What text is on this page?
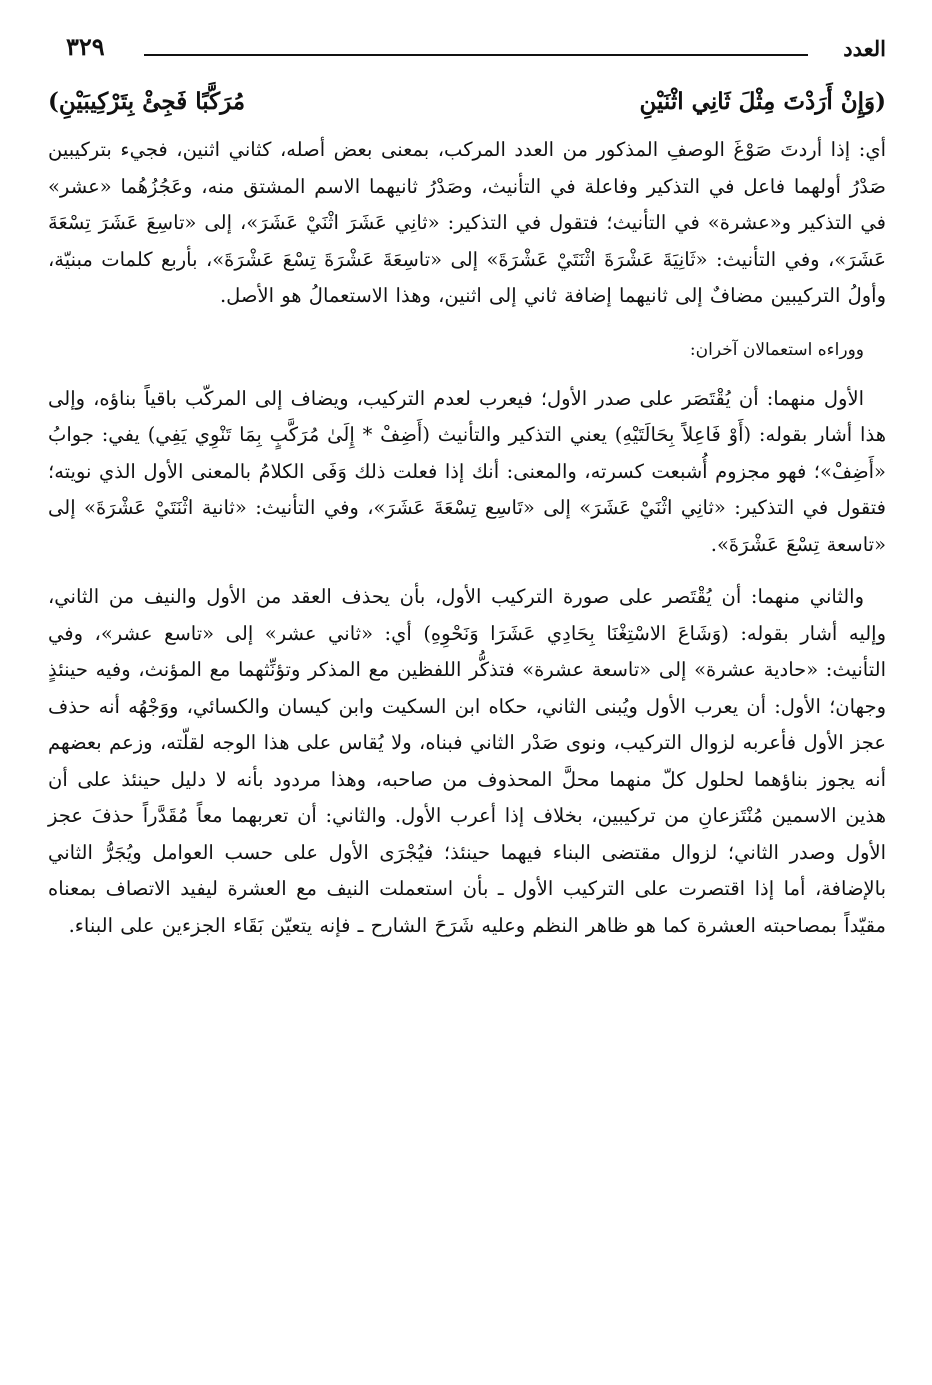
العدد
٣٢٩
(وَإِنْ أَرَدْتَ مِثْلَ ثَانِي اثْنَيْنِ
مُرَكَّبًا فَجِئْ بِتَرْكِيبَيْنِ)

أي: إذا أردتَ صَوْغَ الوصفِ المذكور من العدد المركب، بمعنى بعض أصله، كثاني اثنين، فجيء بتركيبين صَدْرُ أولهما فاعل في التذكير وفاعلة في التأنيث، وصَدْرُ ثانيهما الاسم المشتق منه، وعَجُزُهُما «عشر» في التذكير و«عشرة» في التأنيث؛ فتقول في التذكير: «ثانِي عَشَرَ اثْنَيْ عَشَرَ»، إلى «تاسِعَ عَشَرَ تِسْعَةَ عَشَرَ»، وفي التأنيث: «ثَانِيَةَ عَشْرَةَ اثْنَتَيْ عَشْرَةَ» إلى «تاسِعَةَ عَشْرَةَ تِسْعَ عَشْرَةَ»، بأربع كلمات مبنيّة، وأولُ التركيبين مضافٌ إلى ثانيهما إضافة ثاني إلى اثنين، وهذا الاستعمالُ هو الأصل.

ووراءه استعمالان آخران:

الأول منهما: أن يُقْتَصَر على صدر الأول؛ فيعرب لعدم التركيب، ويضاف إلى المركّب باقياً بناؤه، وإلى هذا أشار بقوله: (أَوْ فَاعِلاً بِحَالَتَيْهِ) يعني التذكير والتأنيث (أَضِفْ * إِلَىٰ مُرَكَّبٍ بِمَا تَنْوِي يَفِي) يفي: جوابُ «أَضِفْ»؛ فهو مجزوم أُشبعت كسرته، والمعنى: أنك إذا فعلت ذلك وَفَى الكلامُ بالمعنى الأول الذي نويته؛ فتقول في التذكير: «ثانِي اثْنَيْ عَشَرَ» إلى «تَاسِع تِسْعَةَ عَشَرَ»، وفي التأنيث: «ثانية اثْنَتَيْ عَشْرَةَ» إلى «تاسعة تِسْعَ عَشْرَةَ».

والثاني منهما: أن يُقْتَصر على صورة التركيب الأول، بأن يحذف العقد من الأول والنيف من الثاني، وإليه أشار بقوله: (وَشَاعَ الاسْتِغْنَا بِحَادِي عَشَرَا وَنَحْوِهِ) أي: «ثاني عشر» إلى «تاسع عشر»، وفي التأنيث: «حادية عشرة» إلى «تاسعة عشرة» فتذكُّر اللفظين مع المذكر وتؤنِّثهما مع المؤنث، وفيه حينئذٍ وجهان؛ الأول: أن يعرب الأول ويُبنى الثاني، حكاه ابن السكيت وابن كيسان والكسائي، ووَجْهُه أنه حذف عجز الأول فأعربه لزوال التركيب، ونوى صَدْر الثاني فبناه، ولا يُقاس على هذا الوجه لقلّته، وزعم بعضهم أنه يجوز بناؤهما لحلول كلّ منهما محلَّ المحذوف من صاحبه، وهذا مردود بأنه لا دليل حينئذ على أن هذين الاسمين مُنْتَزعانِ من تركيبين، بخلاف إذا أعرب الأول. والثاني: أن تعربهما معاً مُقَدَّراً حذفَ عجز الأول وصدر الثاني؛ لزوال مقتضى البناء فيهما حينئذ؛ فيُجْرَى الأول على حسب العوامل ويُجَرُّ الثاني بالإضافة، أما إذا اقتصرت على التركيب الأول ـ بأن استعملت النيف مع العشرة ليفيد الاتصاف بمعناه مقيّداً بمصاحبته العشرة كما هو ظاهر النظم وعليه شَرَحَ الشارح ـ فإنه يتعيّن بَقَاء الجزءين على البناء.
